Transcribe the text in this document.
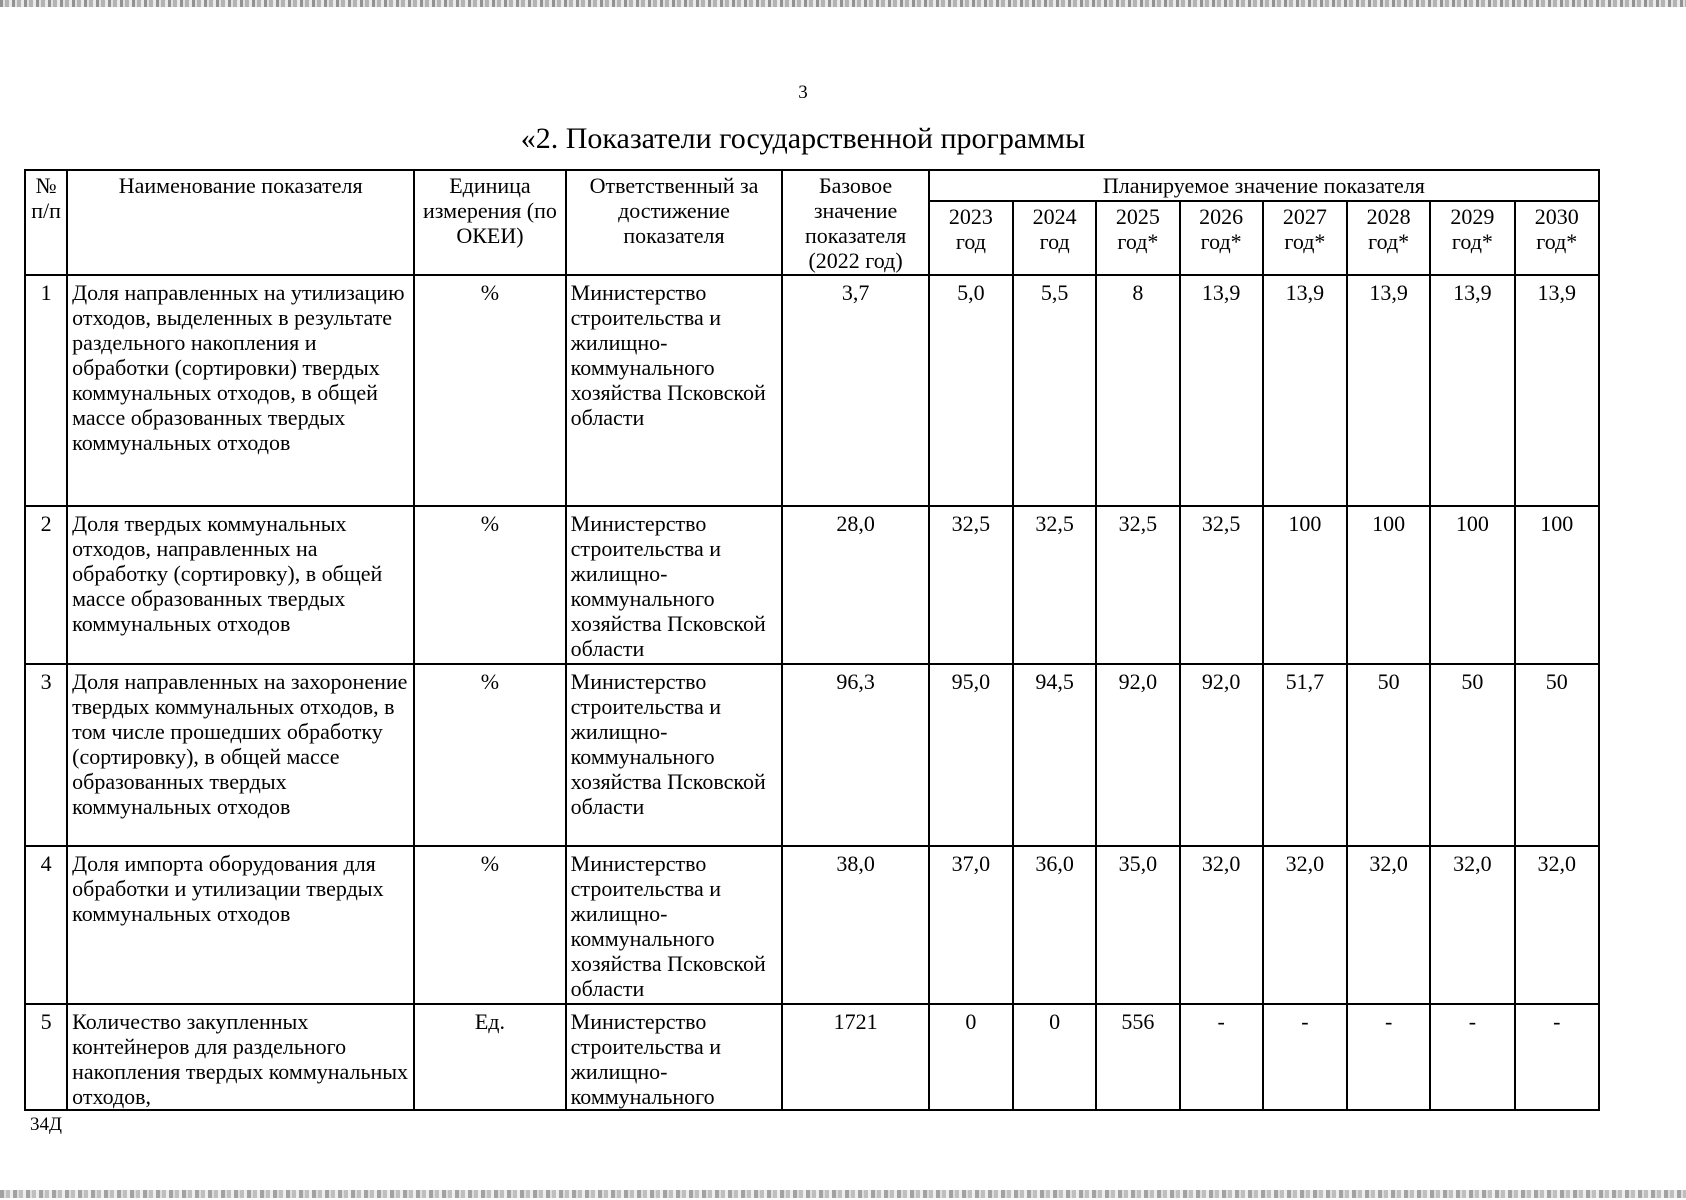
3
«2. Показатели государственной программы
№ п/п	Наименование показателя	Единица измерения (по ОКЕИ)	Ответственный за достижение показателя	Базовое значение показателя (2022 год)	Планируемое значение показателя							
					2023 год	2024 год	2025 год*	2026 год*	2027 год*	2028 год*	2029 год*	2030 год*
1	Доля направленных на утилизацию отходов, выделенных в результате раздельного накопления и обработки (сортировки) твердых коммунальных отходов, в общей массе образованных твердых коммунальных отходов	%	Министерство строительства и жилищно-коммунального хозяйства Псковской области	3,7	5,0	5,5	8	13,9	13,9	13,9	13,9	13,9
2	Доля твердых коммунальных отходов, направленных на обработку (сортировку), в общей массе образованных твердых коммунальных отходов	%	Министерство строительства и жилищно-коммунального хозяйства Псковской области	28,0	32,5	32,5	32,5	32,5	100	100	100	100
3	Доля направленных на захоронение твердых коммунальных отходов, в том числе прошедших обработку (сортировку), в общей массе образованных твердых коммунальных отходов	%	Министерство строительства и жилищно-коммунального хозяйства Псковской области	96,3	95,0	94,5	92,0	92,0	51,7	50	50	50
4	Доля импорта оборудования для обработки и утилизации твердых коммунальных отходов	%	Министерство строительства и жилищно-коммунального хозяйства Псковской области	38,0	37,0	36,0	35,0	32,0	32,0	32,0	32,0	32,0
5	Количество закупленных контейнеров для раздельного накопления твердых коммунальных отходов,	Ед.	Министерство строительства и жилищно-коммунального	1721	0	0	556	-	-	-	-	-
34Д
